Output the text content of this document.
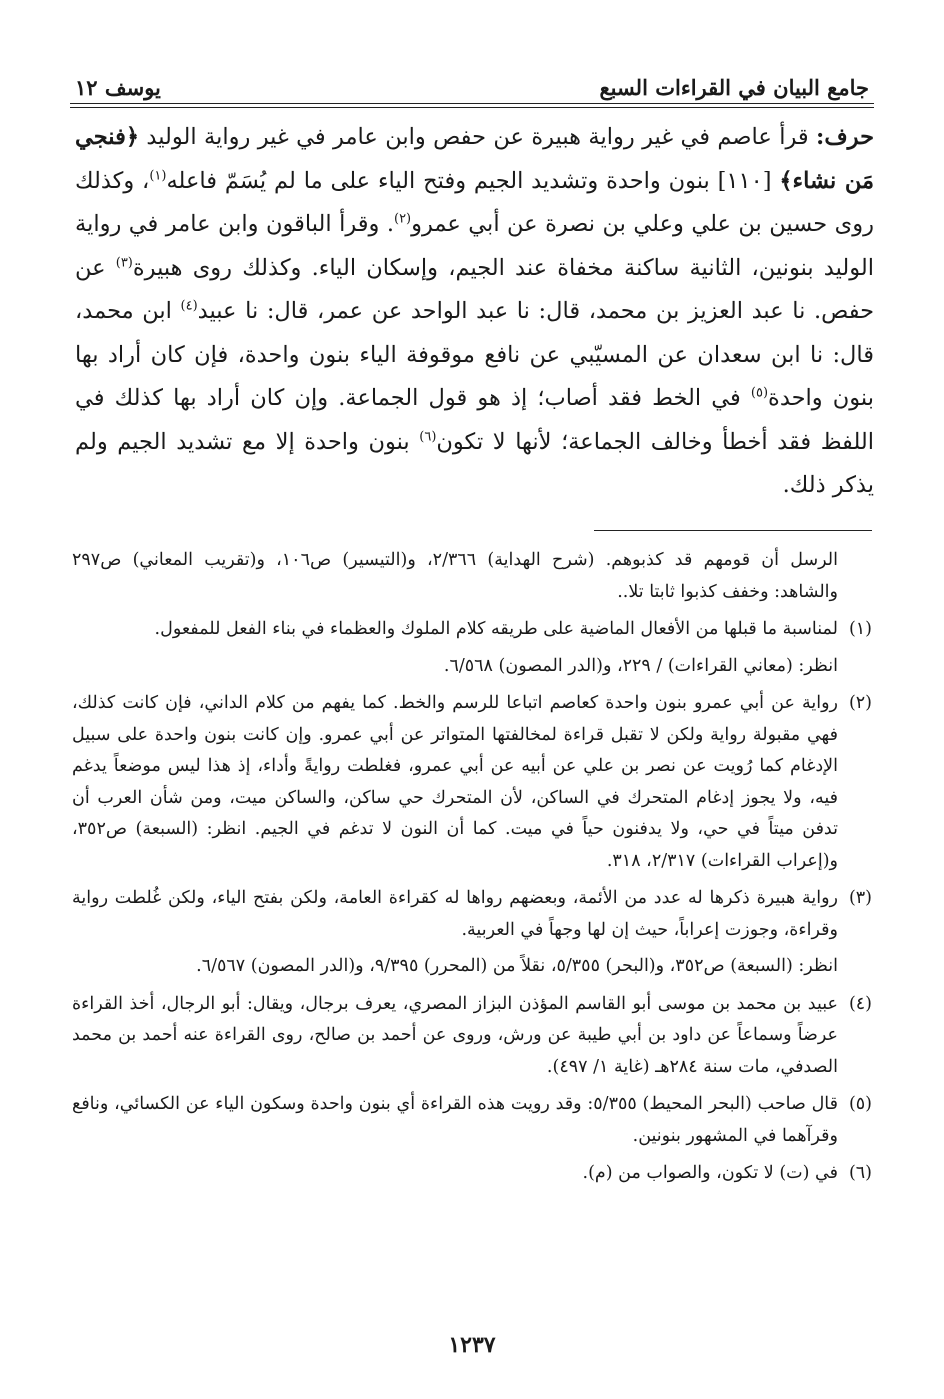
جامع البيان في القراءات السبع
يوسف ١٢

حرف: قرأ عاصم في غير رواية هبيرة عن حفص وابن عامر في غير رواية الوليد ﴿فنجي مَن نشاء﴾ [١١٠] بنون واحدة وتشديد الجيم وفتح الياء على ما لم يُسَمّ فاعله$^{(١)}$، وكذلك روى حسين بن علي وعلي بن نصرة عن أبي عمرو$^{(٢)}$. وقرأ الباقون وابن عامر في رواية الوليد بنونين، الثانية ساكنة مخفاة عند الجيم، وإسكان الياء. وكذلك روى هبيرة$^{(٣)}$ عن حفص. نا عبد العزيز بن محمد، قال: نا عبد الواحد عن عمر، قال: نا عبيد$^{(٤)}$ ابن محمد، قال: نا ابن سعدان عن المسيّبي عن نافع موقوفة الياء بنون واحدة، فإن كان أراد بها بنون واحدة$^{(٥)}$ في الخط فقد أصاب؛ إذ هو قول الجماعة. وإن كان أراد بها كذلك في اللفظ فقد أخطأ وخالف الجماعة؛ لأنها لا تكون$^{(٦)}$ بنون واحدة إلا مع تشديد الجيم ولم يذكر ذلك.

الرسل أن قومهم قد كذبوهم. (شرح الهداية) ٢/٣٦٦، و(التيسير) ص١٠٦، و(تقريب المعاني) ص٢٩٧ والشاهد: وخفف كذبوا ثابتا تلا..

(١)

لمناسبة ما قبلها من الأفعال الماضية على طريقه كلام الملوك والعظماء في بناء الفعل للمفعول.

انظر: (معاني القراءات) / ٢٢٩، و(الدر المصون) ٦/٥٦٨.

(٢)

رواية عن أبي عمرو بنون واحدة كعاصم اتباعا للرسم والخط. كما يفهم من كلام الداني، فإن كانت كذلك، فهي مقبولة رواية ولكن لا تقبل قراءة لمخالفتها المتواتر عن أبي عمرو. وإن كانت بنون واحدة على سبيل الإدغام كما رُويت عن نصر بن علي عن أبيه عن أبي عمرو، فغلطت روايةً وأداء، إذ هذا ليس موضعاً يدغم فيه، ولا يجوز إدغام المتحرك في الساكن، لأن المتحرك حي ساكن، والساكن ميت، ومن شأن العرب أن تدفن ميتاً في حي، ولا يدفنون حياً في ميت. كما أن النون لا تدغم في الجيم. انظر: (السبعة) ص٣٥٢، و(إعراب القراءات) ٢/٣١٧، ٣١٨.

(٣)

رواية هبيرة ذكرها له عدد من الأئمة، وبعضهم رواها له كقراءة العامة، ولكن بفتح الياء، ولكن غُلطت رواية وقراءة، وجوزت إعراباً، حيث إن لها وجهاً في العربية.

انظر: (السبعة) ص٣٥٢، و(البحر) ٥/٣٥٥، نقلاً من (المحرر) ٩/٣٩٥، و(الدر المصون) ٦/٥٦٧.

(٤)

عبيد بن محمد بن موسى أبو القاسم المؤذن البزاز المصري، يعرف برجال، ويقال: أبو الرجال، أخذ القراءة عرضاً وسماعاً عن داود بن أبي طيبة عن ورش، وروى عن أحمد بن صالح، روى القراءة عنه أحمد بن محمد الصدفي، مات سنة ٢٨٤هـ (غاية ١/ ٤٩٧).

(٥)

قال صاحب (البحر المحيط) ٥/٣٥٥: وقد رويت هذه القراءة أي بنون واحدة وسكون الياء عن الكسائي، ونافع وقرآهما في المشهور بنونين.

(٦)

في (ت) لا تكون، والصواب من (م).

١٢٣٧
